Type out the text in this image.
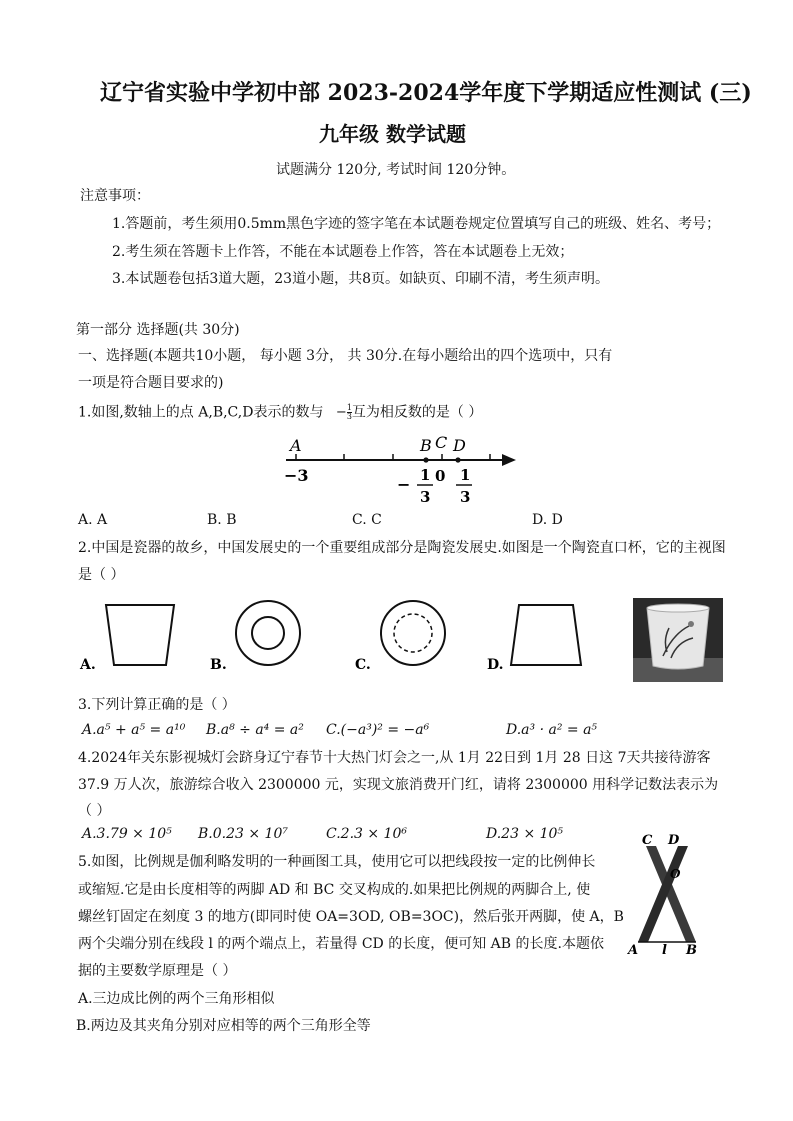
辽宁省实验中学初中部 2023-2024学年度下学期适应性测试 (三)
九年级 数学试题
试题满分 120分, 考试时间 120分钟。
注意事项：
1.答题前，考生须用0.5mm黑色字迹的签字笔在本试题卷规定位置填写自己的班级、姓名、考号；
2.考生须在答题卡上作答，不能在本试题卷上作答，答在本试题卷上无效；
3.本试题卷包括3道大题，23道小题，共8页。如缺页、印刷不清，考生须声明。
第一部分 选择题(共 30分)
一、选择题(本题共10小题， 每小题 3分， 共 30分.在每小题给出的四个选项中，只有
一项是符合题目要求的)
1.如图,数轴上的点 A,B,C,D表示的数与 − $\frac{1}{3}$ 互为相反数的是（ ）
A	B C D
−3	0
− 1
3
1
3
A. A	B. B	C. C	D. D
2.中国是瓷器的故乡，中国发展史的一个重要组成部分是陶瓷发展史.如图是一个陶瓷直口杯，它的主视图
是（ ）
A.	B.	C.	D.
3.下列计算正确的是（ ）
A.a⁵ + a⁵ = a¹⁰ B.a⁸ ÷ a⁴ = a² C.(−a³)² = −a⁶	D.a³ · a² = a⁵
4.2024年关东影视城灯会跻身辽宁春节十大热门灯会之一,从 1月 22日到 1月 28 日这 7天共接待游客
37.9 万人次，旅游综合收入 2300000 元，实现文旅消费开门红，请将 2300000 用科学记数法表示为
（ ）
A.3.79 × 10⁵ B.0.23 × 10⁷	C.2.3 × 10⁶	D.23 × 10⁵
5.如图，比例规是伽利略发明的一种画图工具，使用它可以把线段按一定的比例伸长
或缩短.它是由长度相等的两脚 AD 和 BC 交叉构成的.如果把比例规的两脚合上, 使
螺丝钉固定在刻度 3 的地方(即同时使 OA=3OD, OB=3OC)，然后张开两脚，使 A，B
两个尖端分别在线段 l 的两个端点上，若量得 CD 的长度，便可知 AB 的长度.本题依
据的主要数学原理是（ ）
C D
O
A l B
A.三边成比例的两个三角形相似
B.两边及其夹角分别对应相等的两个三角形全等
